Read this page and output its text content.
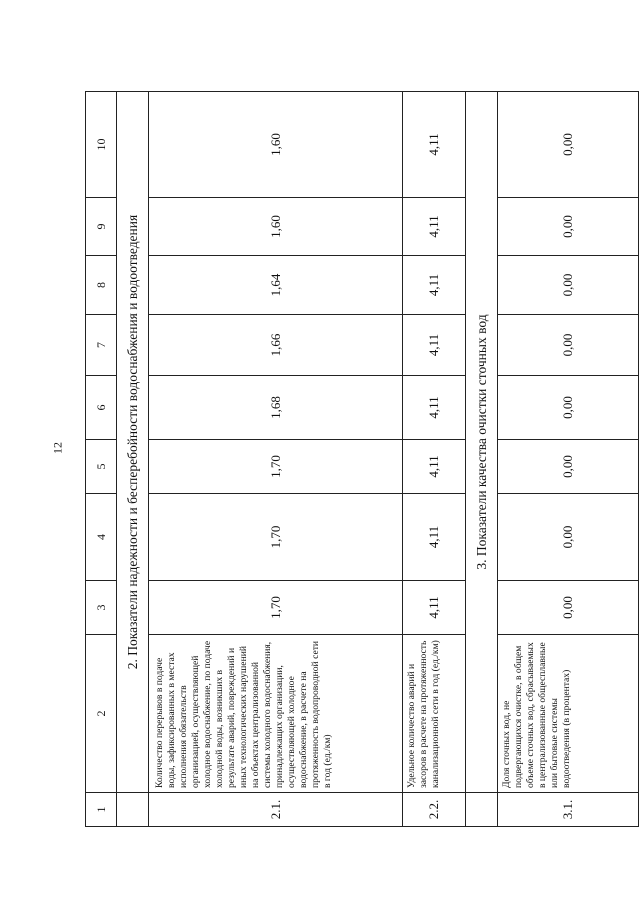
12
1	2	3	4	5	6	7	8	9	10
	2. Показатели надежности и бесперебойности водоснабжения и водоотведения								
2.1.	Количество перерывов в подаче воды, зафиксированных в местах исполнения обязательств организацией, осуществляющей холодное водоснабжение, по подаче холодной воды, возникших в результате аварий, повреждений и иных технологических нарушений на объектах централизованной системы холодного водоснабжения, принадлежащих организации, осуществляющей холодное водоснабжение, в расчете на протяженность водопроводной сети в год (ед./км)	1,70	1,70	1,70	1,68	1,66	1,64	1,60	1,60
2.2.	Удельное количество аварий и засоров в расчете на протяженность канализационной сети в год (ед./км)	4,11	4,11	4,11	4,11	4,11	4,11	4,11	4,11
	3. Показатели качества очистки сточных вод								
3.1.	Доля сточных вод, не подвергающихся очистке, в общем объеме сточных вод, сбрасываемых в централизованные общесплавные или бытовые системы водоотведения (в процентах)	0,00	0,00	0,00	0,00	0,00	0,00	0,00	0,00
